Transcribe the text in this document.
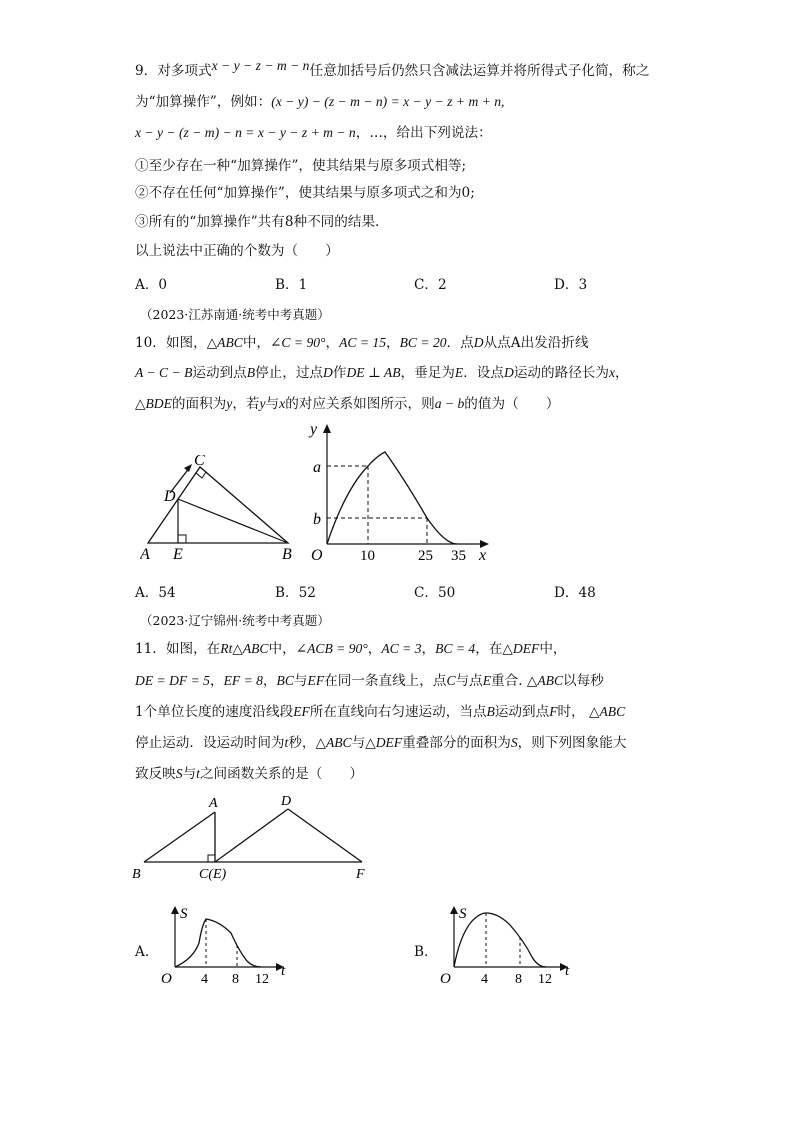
9．对多项式x − y − z − m − n任意加括号后仍然只含减法运算并将所得式子化简，称之
为“加算操作”，例如：(x − y) − (z − m − n) = x − y − z + m + n,
x − y − (z − m) − n = x − y − z + m − n，…，给出下列说法：
①至少存在一种“加算操作”，使其结果与原多项式相等;
②不存在任何“加算操作”，使其结果与原多项式之和为0;
③所有的“加算操作”共有8种不同的结果.
以上说法中正确的个数为（　　）
A．0	B．1	C．2	D．3
（2023·江苏南通·统考中考真题）
10．如图，△ABC中，∠C = 90°，AC = 15，BC = 20．点D从点A出发沿折线
A − C − B运动到点B停止，过点D作DE ⊥ AB，垂足为E．设点D运动的路径长为x，
△BDE的面积为y，若y与x的对应关系如图所示，则a − b的值为（　　）
A	B
C
D
E
y
a
b
O 10	25 35 x
A．54	B．52	C．50	D．48
（2023·辽宁锦州·统考中考真题）
11．如图，在Rt△ABC中，∠ACB = 90°，AC = 3，BC = 4，在△DEF中，
DE = DF = 5，EF = 8，BC与EF在同一条直线上，点C与点E重合. △ABC以每秒
1个单位长度的速度沿线段EF所在直线向右匀速运动，当点B运动到点F时， △ABC
停止运动．设运动时间为t秒，△ABC与△DEF重叠部分的面积为S，则下列图象能大
致反映S与t之间函数关系的是（　　）
A
B	C(E)
D
F
A.
S
O 4 8 12
t
B.
S
O 4 8 12
t
